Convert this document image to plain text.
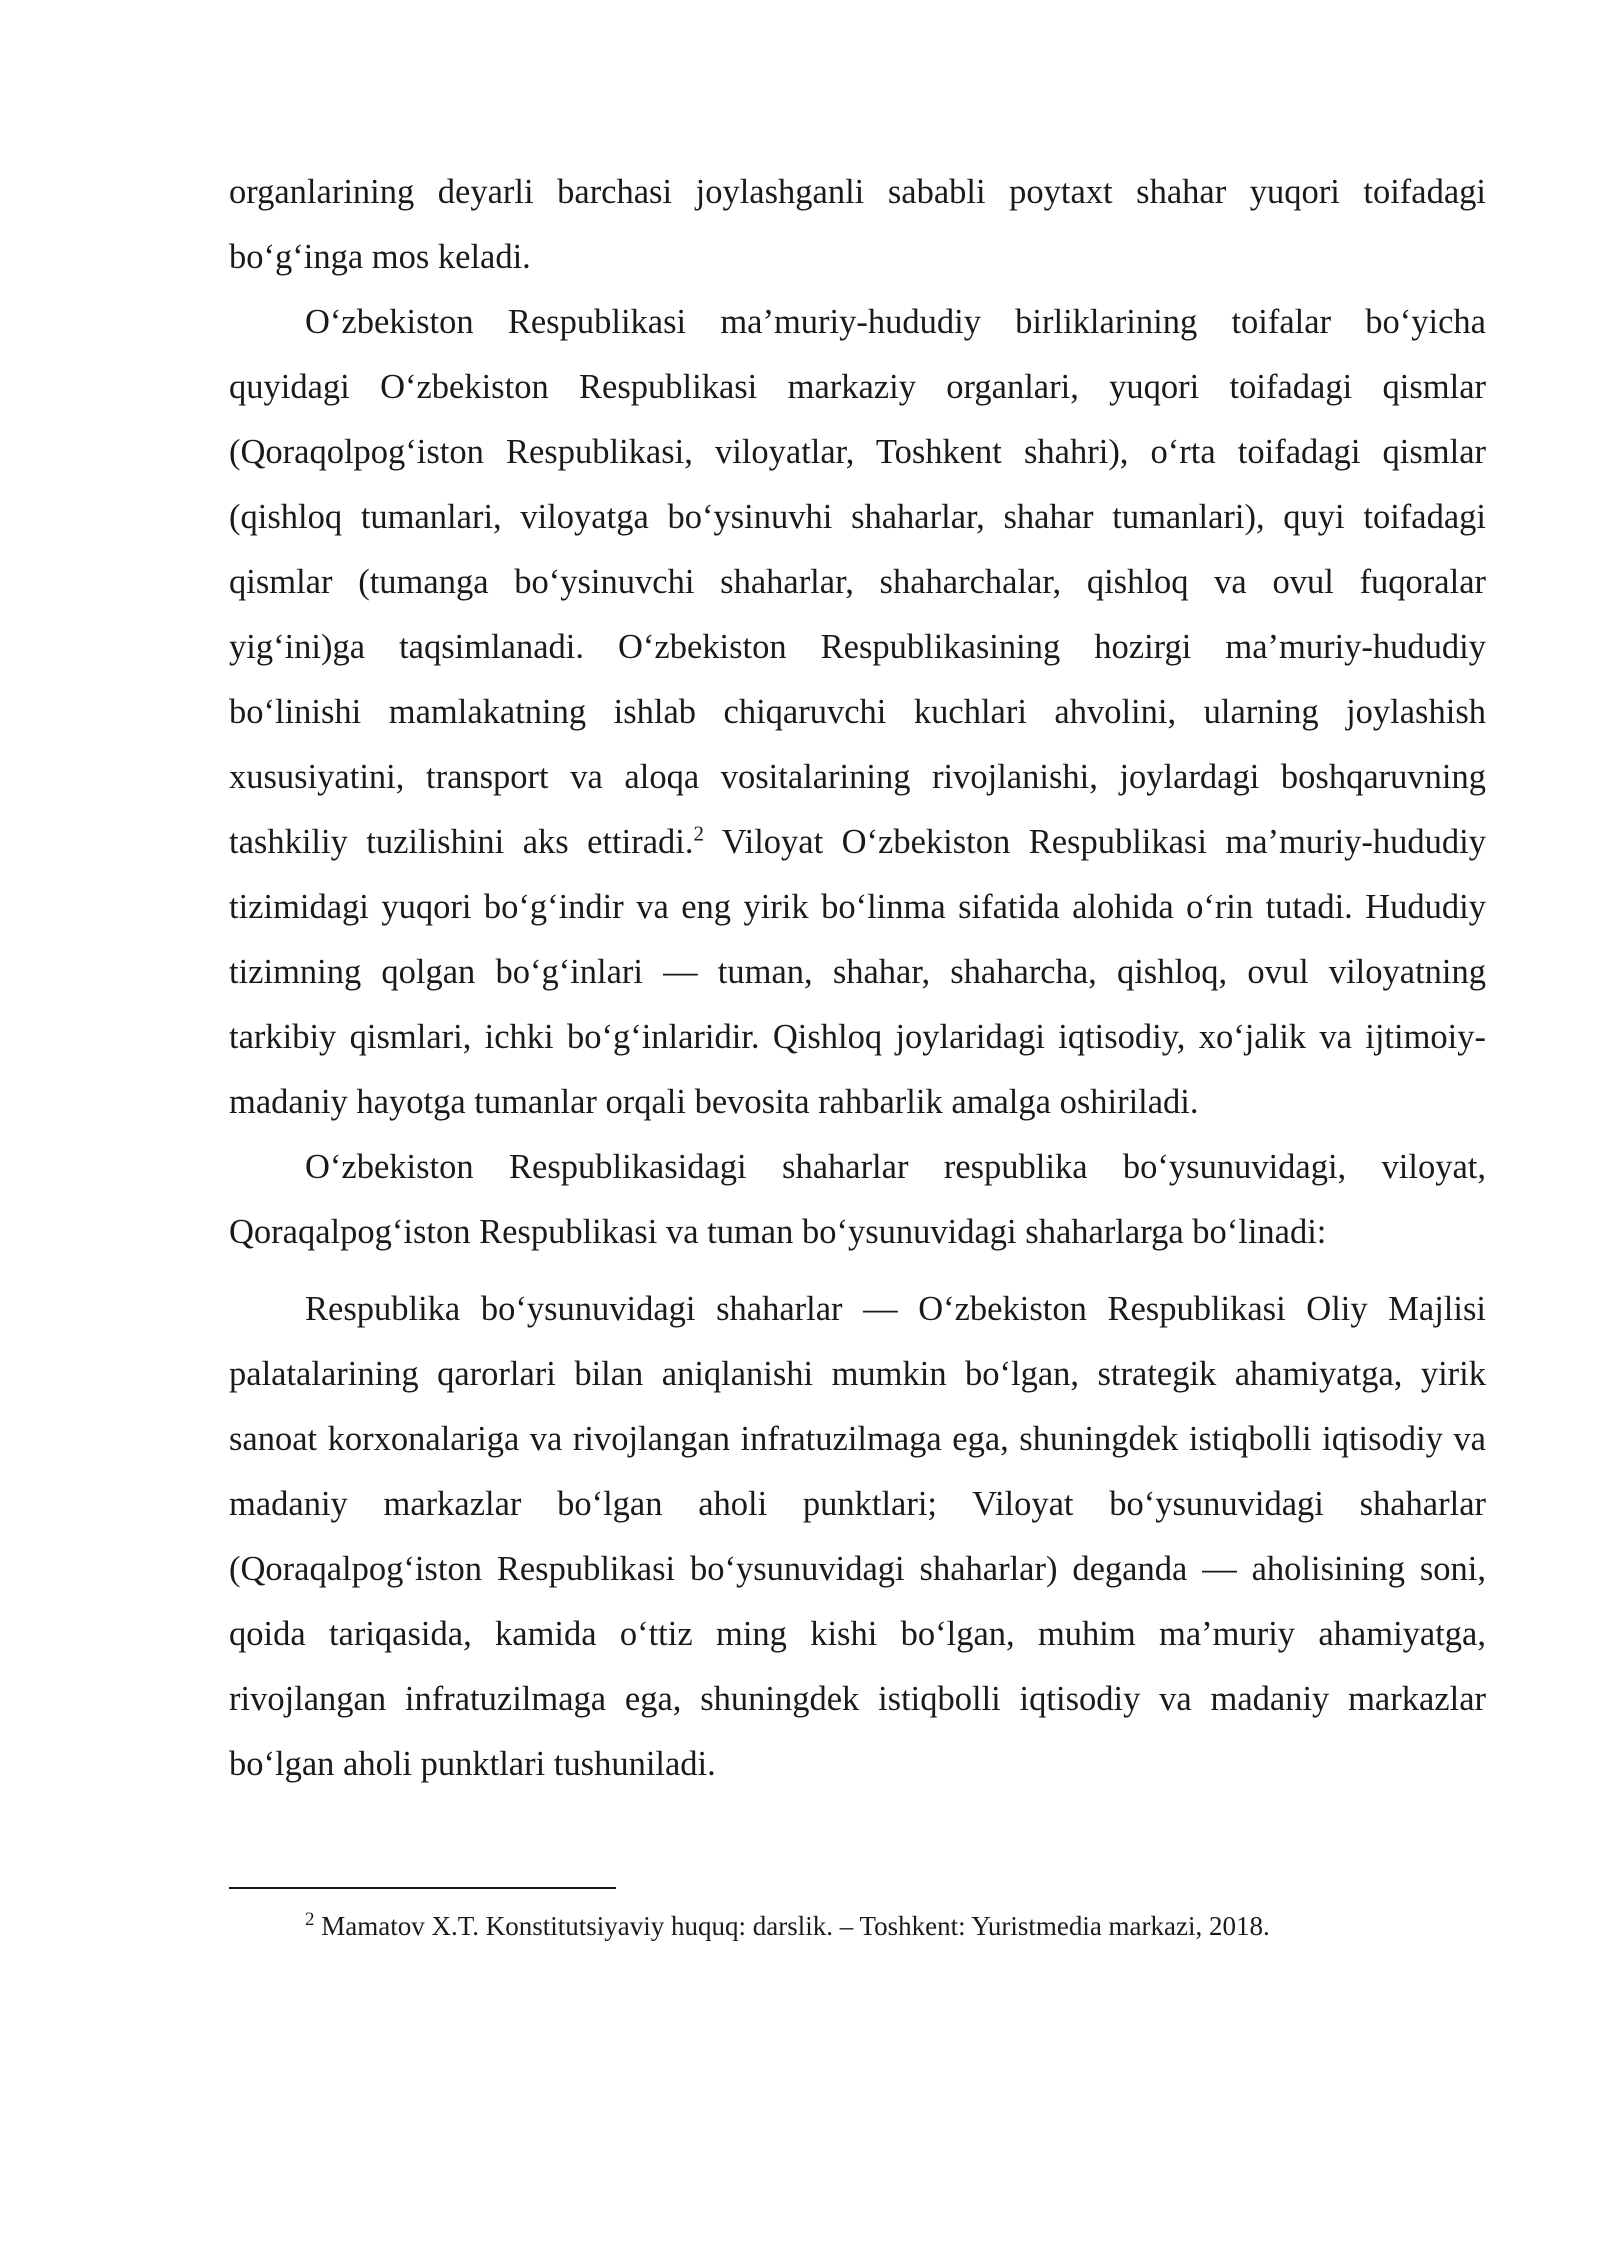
organlarining deyarli barchasi joylashganli sababli poytaxt shahar yuqori toifadagi bo‘g‘inga mos keladi.

O‘zbekiston Respublikasi ma’muriy-hududiy birliklarining toifalar bo‘yicha quyidagi O‘zbekiston Respublikasi markaziy organlari, yuqori toifadagi qismlar (Qoraqolpog‘iston Respublikasi, viloyatlar, Toshkent shahri), o‘rta toifadagi qismlar (qishloq tumanlari, viloyatga bo‘ysinuvhi shaharlar, shahar tumanlari), quyi toifadagi qismlar (tumanga bo‘ysinuvchi shaharlar, shaharchalar, qishloq va ovul fuqoralar yig‘ini)ga taqsimlanadi. O‘zbekiston Respublikasining hozirgi ma’muriy-hududiy bo‘linishi mamlakatning ishlab chiqaruvchi kuchlari ahvolini, ularning joylashish xususiyatini, transport va aloqa vositalarining rivojlanishi, joylardagi boshqaruvning tashkiliy tuzilishini aks ettiradi.$^2$ Viloyat O‘zbekiston Respublikasi ma’muriy-hududiy tizimidagi yuqori bo‘g‘indir va eng yirik bo‘linma sifatida alohida o‘rin tutadi. Hududiy tizimning qolgan bo‘g‘inlari — tuman, shahar, shaharcha, qishloq, ovul viloyatning tarkibiy qismlari, ichki bo‘g‘inlaridir. Qishloq joylaridagi iqtisodiy, xo‘jalik va ijtimoiy-madaniy hayotga tumanlar orqali bevosita rahbarlik amalga oshiriladi.

O‘zbekiston Respublikasidagi shaharlar respublika bo‘ysunuvidagi, viloyat, Qoraqalpog‘iston Respublikasi va tuman bo‘ysunuvidagi shaharlarga bo‘linadi:

Respublika bo‘ysunuvidagi shaharlar — O‘zbekiston Respublikasi Oliy Majlisi palatalarining qarorlari bilan aniqlanishi mumkin bo‘lgan, strategik ahamiyatga, yirik sanoat korxonalariga va rivojlangan infratuzilmaga ega, shuningdek istiqbolli iqtisodiy va madaniy markazlar bo‘lgan aholi punktlari; Viloyat bo‘ysunuvidagi shaharlar (Qoraqalpog‘iston Respublikasi bo‘ysunuvidagi shaharlar) deganda — aholisining soni, qoida tariqasida, kamida o‘ttiz ming kishi bo‘lgan, muhim ma’muriy ahamiyatga, rivojlangan infratuzilmaga ega, shuningdek istiqbolli iqtisodiy va madaniy markazlar bo‘lgan aholi punktlari tushuniladi.

$^2$ Mamatov X.T. Konstitutsiyaviy huquq: darslik. – Toshkent: Yuristmedia markazi, 2018.
